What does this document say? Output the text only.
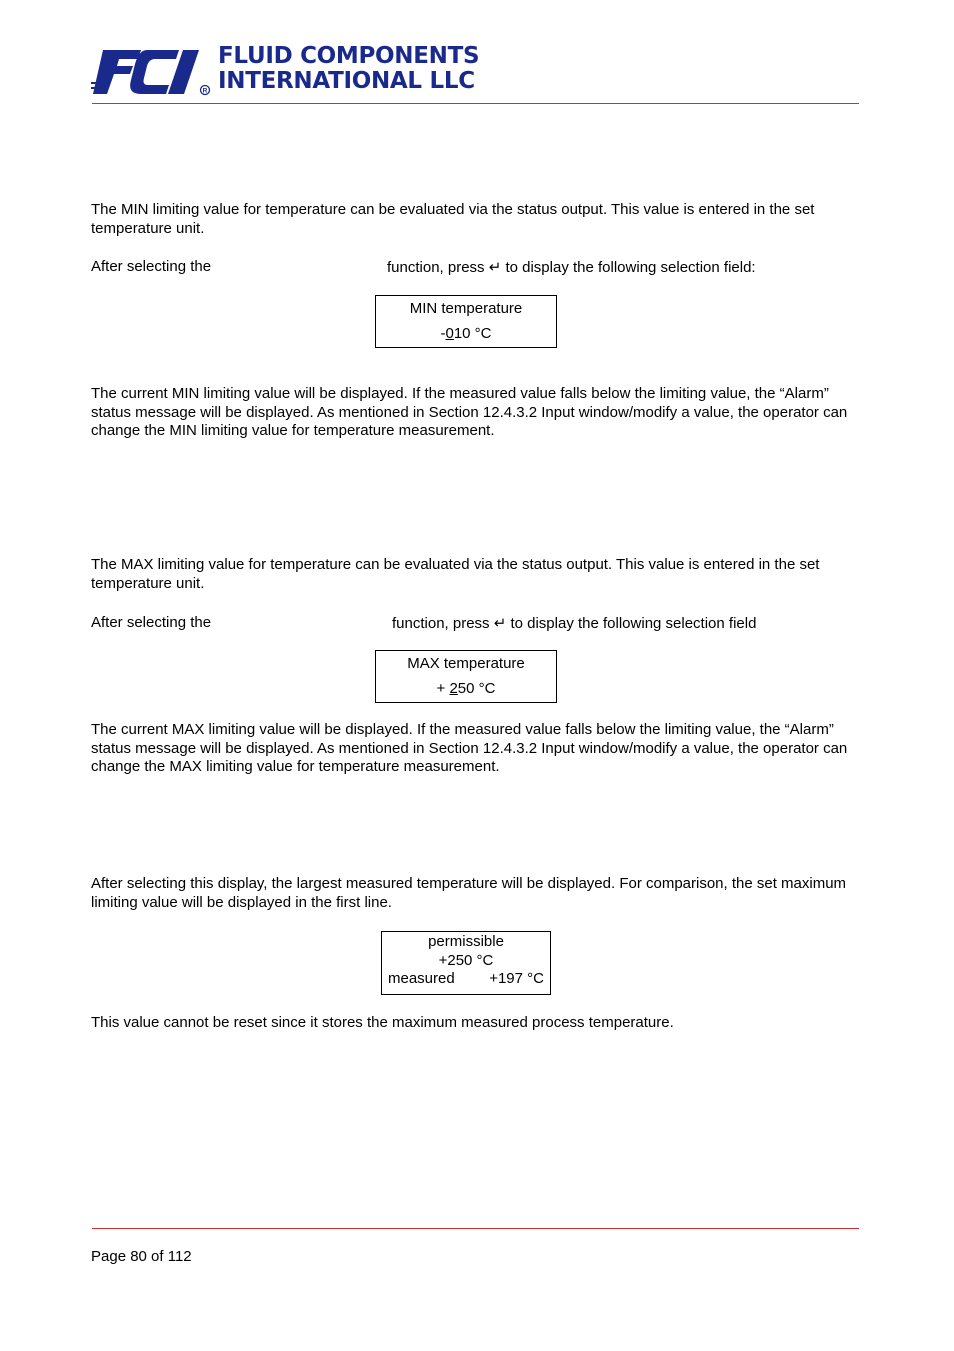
R
FLUID COMPONENTS
INTERNATIONAL LLC
The MIN limiting value for temperature can be evaluated via the status output. This value is entered in the set temperature unit.
After selecting the	function, press ↵ to display the following selection field:
MIN temperature
-010 °C
The current MIN limiting value will be displayed. If the measured value falls below the limiting value, the “Alarm” status message will be displayed. As mentioned in Section 12.4.3.2 Input window/modify a value, the operator can change the MIN limiting value for temperature measurement.
The MAX limiting value for temperature can be evaluated via the status output. This value is entered in the set temperature unit.
After selecting the	function, press ↵ to display the following selection field
MAX temperature
+ 250 °C
The current MAX limiting value will be displayed. If the measured value falls below the limiting value, the “Alarm” status message will be displayed. As mentioned in Section 12.4.3.2 Input window/modify a value, the operator can change the MAX limiting value for temperature measurement.
After selecting this display, the largest measured temperature will be displayed. For comparison, the set maximum limiting value will be displayed in the first line.
permissible
+250 °C
measured +197 °C
This value cannot be reset since it stores the maximum measured process temperature.
Page 80 of 112
